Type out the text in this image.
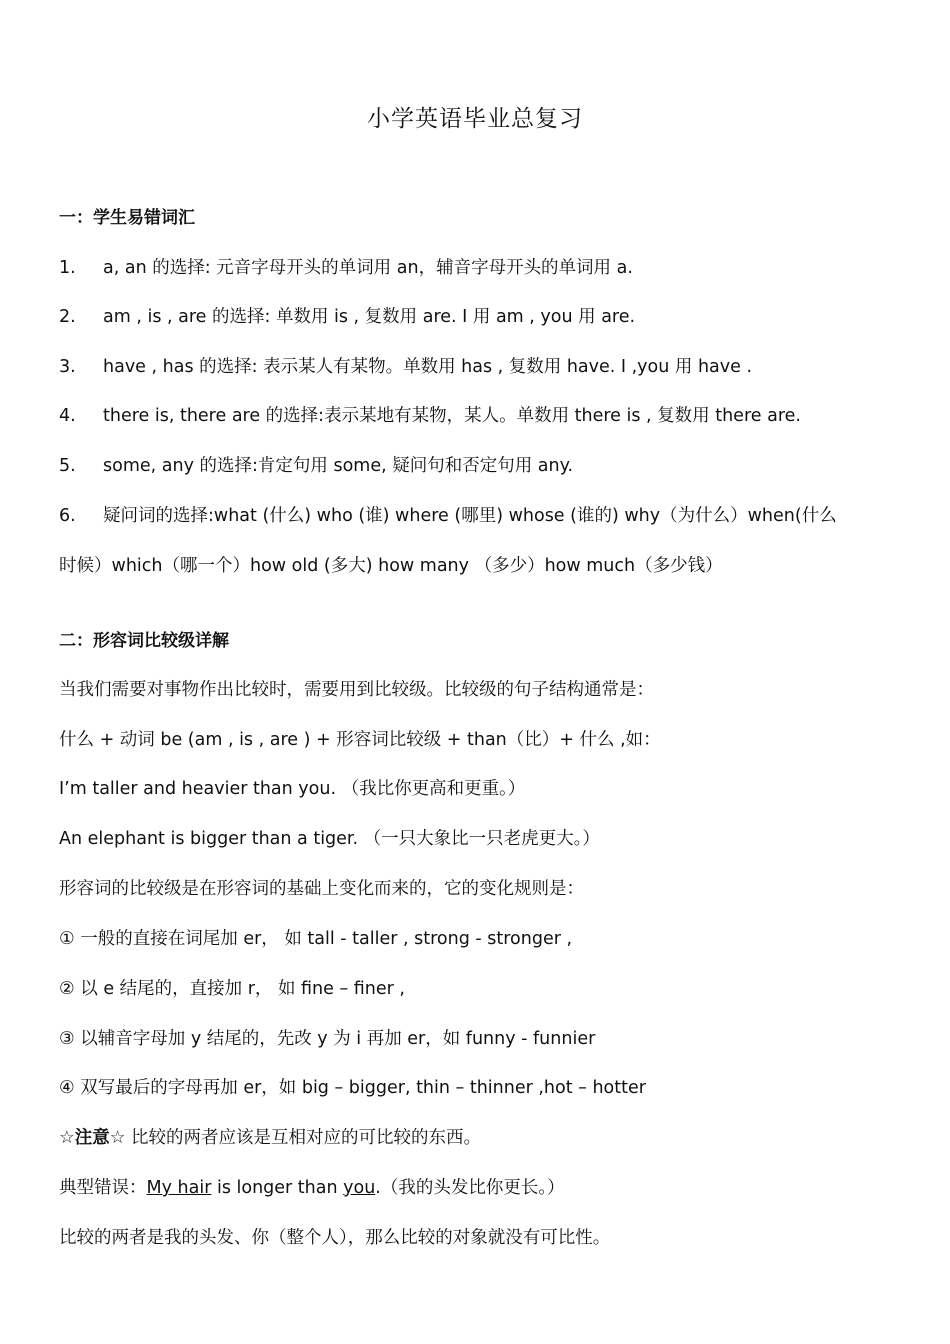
小学英语毕业总复习
一：学生易错词汇
1. a, an 的选择: 元音字母开头的单词用 an，辅音字母开头的单词用 a.
2. am , is , are 的选择: 单数用 is , 复数用 are. I 用 am , you 用 are.
3. have , has 的选择: 表示某人有某物。单数用 has , 复数用 have. I ,you 用 have .
4. there is, there are 的选择:表示某地有某物，某人。单数用 there is , 复数用 there are.
5. some, any 的选择:肯定句用 some, 疑问句和否定句用 any.
6. 疑问词的选择:what (什么) who (谁) where (哪里) whose (谁的) why（为什么）when(什么
时候）which（哪一个）how old (多大) how many （多少）how much（多少钱）
二：形容词比较级详解
当我们需要对事物作出比较时，需要用到比较级。比较级的句子结构通常是：
什么 + 动词 be (am , is , are ) + 形容词比较级 + than（比）+ 什么 ,如：
I’m taller and heavier than you. （我比你更高和更重。）
An elephant is bigger than a tiger. （一只大象比一只老虎更大。）
形容词的比较级是在形容词的基础上变化而来的，它的变化规则是：
① 一般的直接在词尾加 er， 如 tall - taller , strong - stronger ,
② 以 e 结尾的，直接加 r， 如 fine – finer ,
③ 以辅音字母加 y 结尾的，先改 y 为 i 再加 er，如 funny - funnier
④ 双写最后的字母再加 er，如 big – bigger, thin – thinner ,hot – hotter
☆注意☆ 比较的两者应该是互相对应的可比较的东西。
典型错误：My hair is longer than you.（我的头发比你更长。）
比较的两者是我的头发、你（整个人），那么比较的对象就没有可比性。
